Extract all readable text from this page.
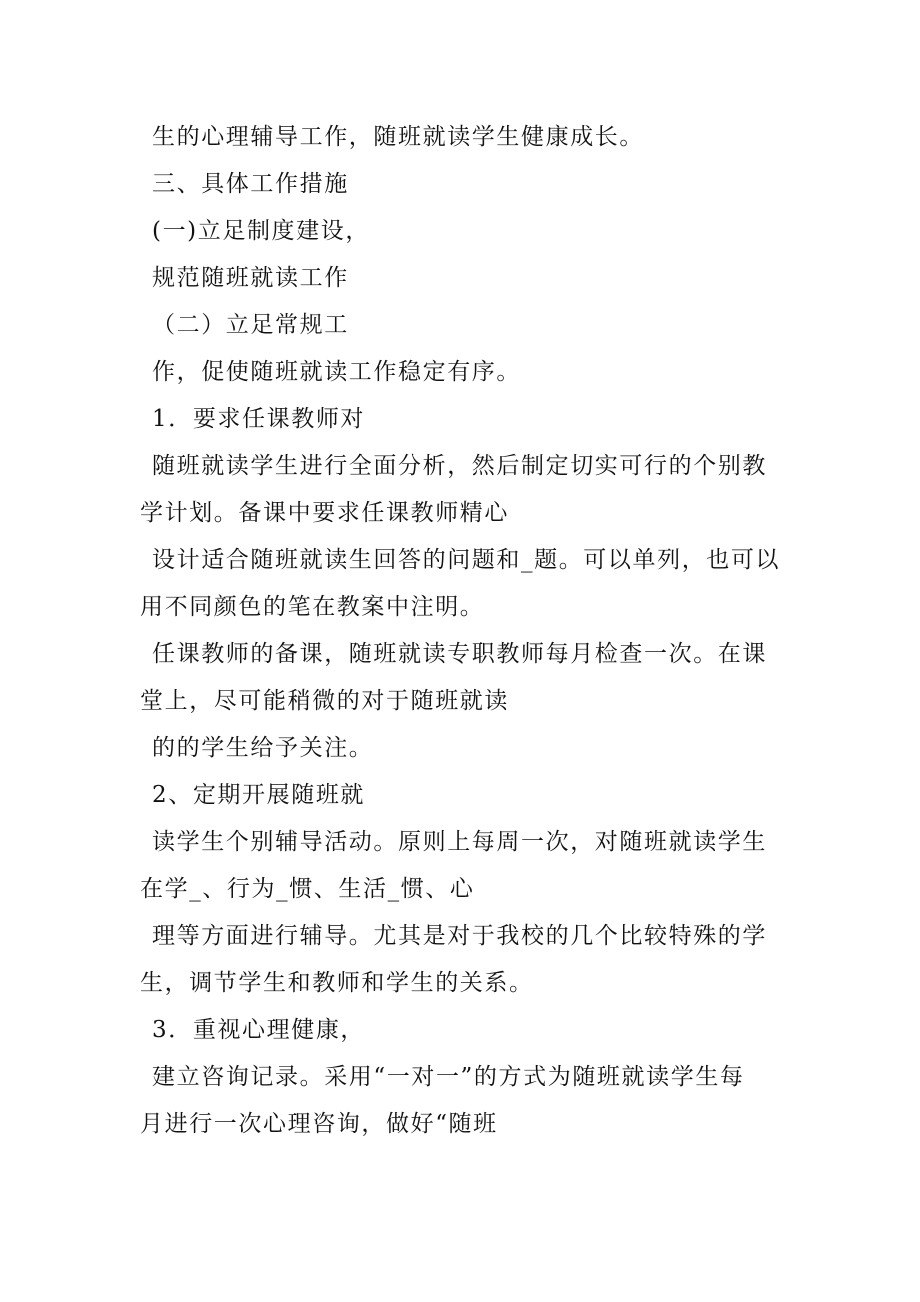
生的心理辅导工作，随班就读学生健康成长。
三、具体工作措施
(一)立足制度建设，
规范随班就读工作
（二）立足常规工
作，促使随班就读工作稳定有序。
1．要求任课教师对
随班就读学生进行全面分析，然后制定切实可行的个别教
学计划。备课中要求任课教师精心
设计适合随班就读生回答的问题和_题。可以单列，也可以
用不同颜色的笔在教案中注明。
任课教师的备课，随班就读专职教师每月检查一次。在课
堂上，尽可能稍微的对于随班就读
的的学生给予关注。
2、定期开展随班就
读学生个别辅导活动。原则上每周一次，对随班就读学生
在学_、行为_惯、生活_惯、心
理等方面进行辅导。尤其是对于我校的几个比较特殊的学
生，调节学生和教师和学生的关系。
3．重视心理健康，
建立咨询记录。采用“一对一”的方式为随班就读学生每
月进行一次心理咨询，做好“随班
